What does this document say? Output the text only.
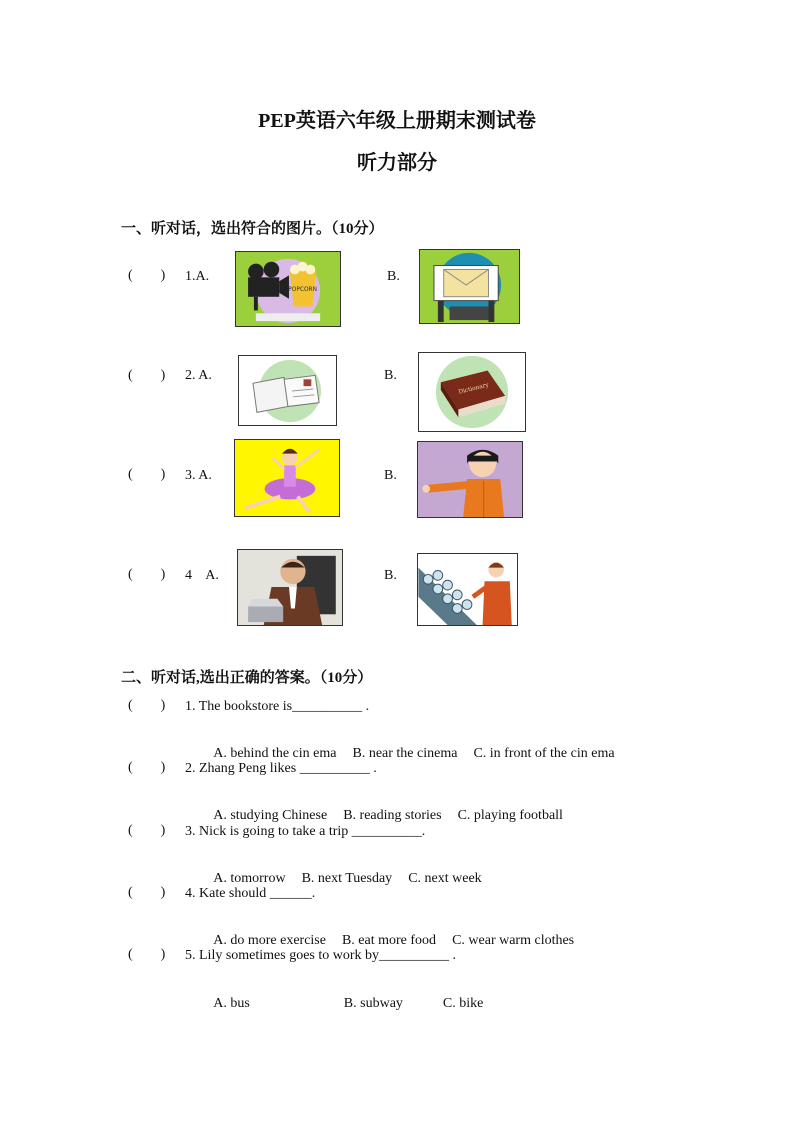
PEP英语六年级上册期末测试卷
听力部分
一、听对话，选出符合的图片。（10分）
(        ) 1.A.
POPCORN
B.
(        ) 2. A.	B.
Dictionary
(        ) 3. A.	B.
(        ) 4    A.	B.
二、听对话,选出正确的答案。（10分）
(        ) 1. The bookstore is__________ .

A. behind the cin ema B. near the cinema C. in front of the cin ema

(        ) 2. Zhang Peng likes __________ .

A. studying Chinese B. reading stories C. playing football

(        ) 3. Nick is going to take a trip __________.

A. tomorrow B. next Tuesday C. next week

(        ) 4. Kate should ______.

A. do more exercise B. eat more food C. wear warm clothes

(        ) 5. Lily sometimes goes to work by__________ .

A. bus	B. subway	C. bike
